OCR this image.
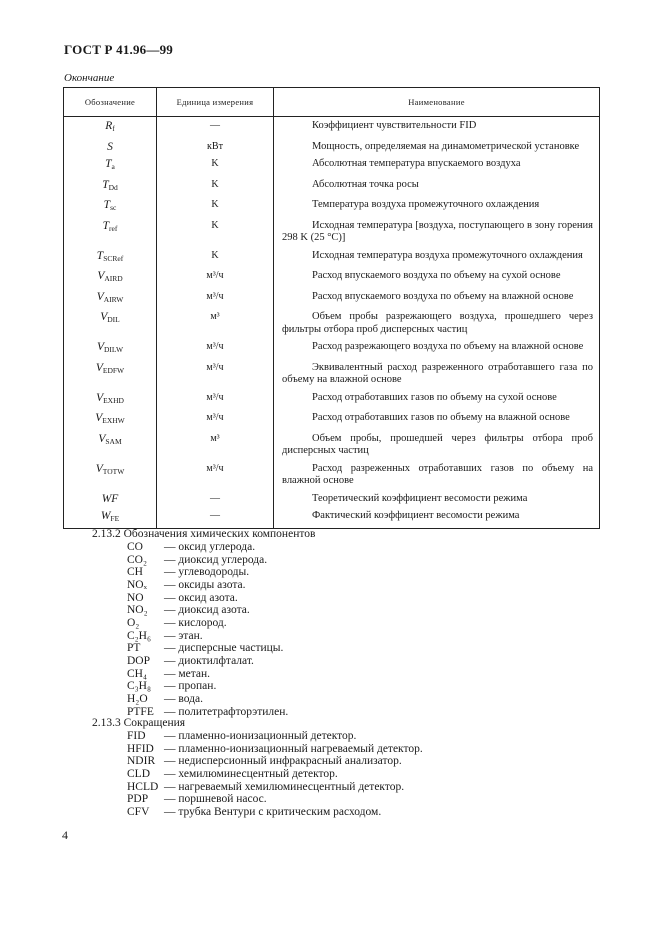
ГОСТ Р 41.96—99
Окончание
Обозначение	Единица измерения	Наименование
$R_f$	—	Коэффициент чувствительности FID
S	кВт	Мощность, определяемая на динамометрической установке
$T_a$	K	Абсолютная температура впускаемого воздуха
$T_{Dd}$	K	Абсолютная точка росы
$T_{sc}$	K	Температура воздуха промежуточного охлаждения
$T_{ref}$	K	Исходная температура [воздуха, поступающего в зону горения 298 K (25 °C)]
$T_{SCRef}$	K	Исходная температура воздуха промежуточного охлаждения
$V_{AIRD}$	м³/ч	Расход впускаемого воздуха по объему на сухой основе
$V_{AIRW}$	м³/ч	Расход впускаемого воздуха по объему на влажной основе
$V_{DIL}$	м³	Объем пробы разрежающего воздуха, прошедшего через фильтры отбора проб дисперсных частиц
$V_{DILW}$	м³/ч	Расход разрежающего воздуха по объему на влажной основе
$V_{EDFW}$	м³/ч	Эквивалентный расход разреженного отработавшего газа по объему на влажной основе
$V_{EXHD}$	м³/ч	Расход отработавших газов по объему на сухой основе
$V_{EXHW}$	м³/ч	Расход отработавших газов по объему на влажной основе
$V_{SAM}$	м³	Объем пробы, прошедшей через фильтры отбора проб дисперсных частиц
$V_{TOTW}$	м³/ч	Расход разреженных отработавших газов по объему на влажной основе
WF	—	Теоретический коэффициент весомости режима
$W_{FE}$	—	Фактический коэффициент весомости режима
2.13.2 Обозначения химических компонентов
CO — оксид углерода.
CO₂ — диоксид углерода.
CH — углеводороды.
NOₓ — оксиды азота.
NO — оксид азота.
NO₂ — диоксид азота.
O₂ — кислород.
C₂H₆ — этан.
PT — дисперсные частицы.
DOP — диоктилфталат.
CH₄ — метан.
C₃H₈ — пропан.
H₂O — вода.
PTFE — политетрафторэтилен.
2.13.3 Сокращения
FID — пламенно-ионизационный детектор.
HFID — пламенно-ионизационный нагреваемый детектор.
NDIR — недисперсионный инфракрасный анализатор.
CLD — хемилюминесцентный детектор.
HCLD — нагреваемый хемилюминесцентный детектор.
PDP — поршневой насос.
CFV — трубка Вентури с критическим расходом.
4
